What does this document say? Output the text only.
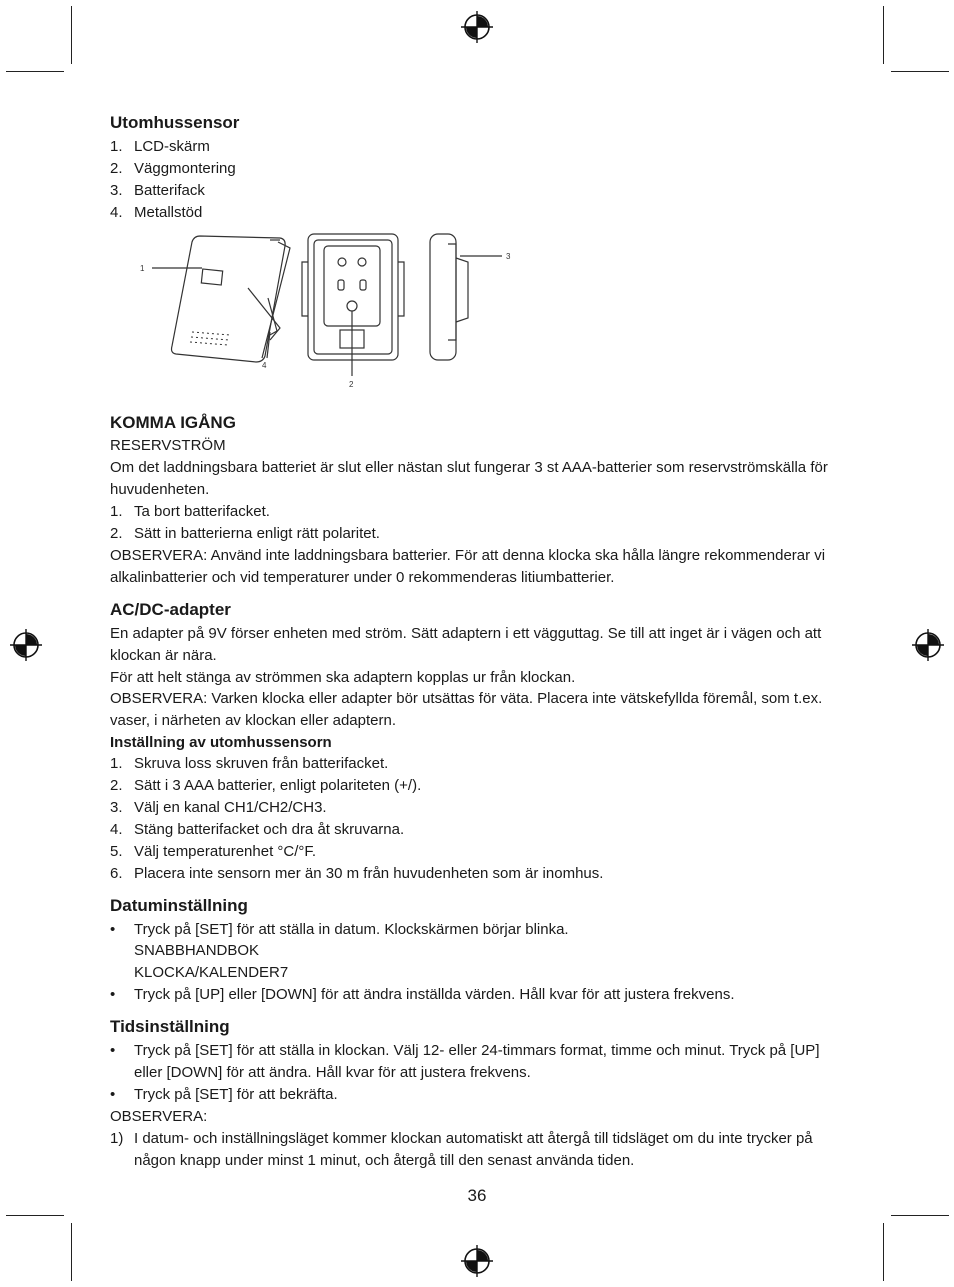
Utomhussensor

1. LCD-skärm
2. Väggmontering
3. Batterifack
4. Metallstöd
1
2
3
4

KOMMA IGÅNG

RESERVSTRÖM

Om det laddningsbara batteriet är slut eller nästan slut fungerar 3 st AAA-batterier som reservströmskälla för huvudenheten.

1. Ta bort batterifacket.
2. Sätt in batterierna enligt rätt polaritet.

OBSERVERA: Använd inte laddningsbara batterier. För att denna klocka ska hålla längre rekommenderar vi alkalinbatterier och vid temperaturer under 0 rekommenderas litiumbatterier.

AC/DC-adapter

En adapter på 9V förser enheten med ström. Sätt adaptern i ett vägguttag. Se till att inget är i vägen och att klockan är nära.

För att helt stänga av strömmen ska adaptern kopplas ur från klockan.

OBSERVERA: Varken klocka eller adapter bör utsättas för väta. Placera inte vätskefyllda föremål, som t.ex. vaser, i närheten av klockan eller adaptern.

Inställning av utomhussensorn

1. Skruva loss skruven från batterifacket.
2. Sätt i 3 AAA batterier, enligt polariteten (+/).
3. Välj en kanal CH1/CH2/CH3.
4. Stäng batterifacket och dra åt skruvarna.
5. Välj temperaturenhet °C/°F.
6. Placera inte sensorn mer än 30 m från huvudenheten som är inomhus.

Datuminställning

• Tryck på [SET] för att ställa in datum. Klockskärmen börjar blinka.
SNABBHANDBOK
KLOCKA/KALENDER7
• Tryck på [UP] eller [DOWN] för att ändra inställda värden. Håll kvar för att justera frekvens.

Tidsinställning

• Tryck på [SET] för att ställa in klockan. Välj 12- eller 24-timmars format, timme och minut. Tryck på [UP] eller [DOWN] för att ändra. Håll kvar för att justera frekvens.
• Tryck på [SET] för att bekräfta.

OBSERVERA:

1) I datum- och inställningsläget kommer klockan automatiskt att återgå till tidsläget om du inte trycker på någon knapp under minst 1 minut, och återgå till den senast använda tiden.
36
